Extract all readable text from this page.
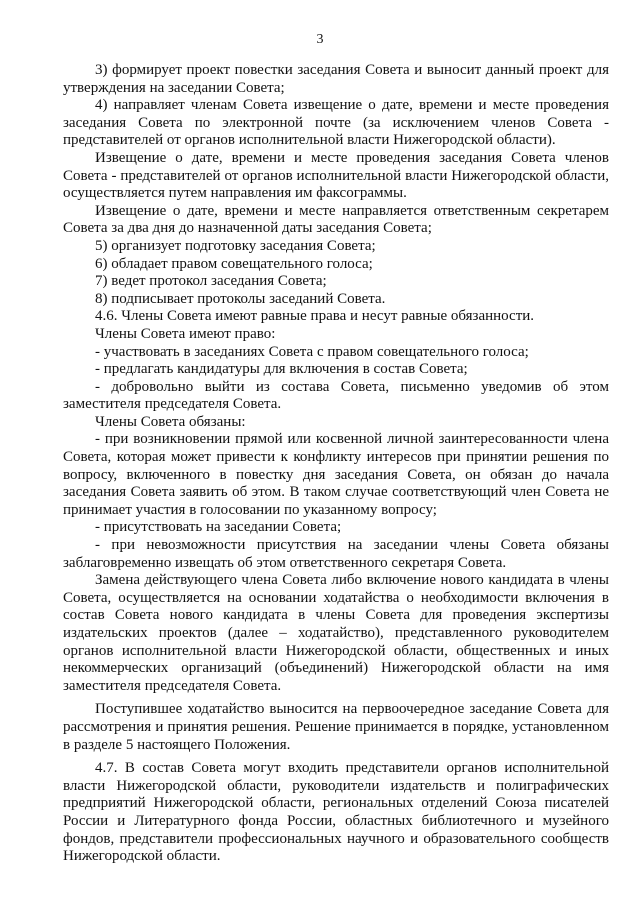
3

3) формирует проект повестки заседания Совета и выносит данный проект для утверждения на заседании Совета;

4) направляет членам Совета извещение о дате, времени и месте проведения заседания Совета по электронной почте (за исключением членов Совета - представителей от органов исполнительной власти Нижегородской области).

Извещение о дате, времени и месте проведения заседания Совета членов Совета - представителей от органов исполнительной власти Нижегородской области, осуществляется путем направления им факсограммы.

Извещение о дате, времени и месте направляется ответственным секретарем Совета за два дня до назначенной даты заседания Совета;

5) организует подготовку заседания Совета;

6) обладает правом совещательного голоса;

7) ведет протокол заседания Совета;

8) подписывает протоколы заседаний Совета.

4.6. Члены Совета имеют равные права и несут равные обязанности.

Члены Совета имеют право:

- участвовать в заседаниях Совета с правом совещательного голоса;

- предлагать кандидатуры для включения в состав Совета;

- добровольно выйти из состава Совета, письменно уведомив об этом заместителя председателя Совета.

Члены Совета обязаны:

- при возникновении прямой или косвенной личной заинтересованности члена Совета, которая может привести к конфликту интересов при принятии решения по вопросу, включенного в повестку дня заседания Совета, он обязан до начала заседания Совета заявить об этом. В таком случае соответствующий член Совета не принимает участия в голосовании по указанному вопросу;

- присутствовать на заседании Совета;

- при невозможности присутствия на заседании члены Совета обязаны заблаговременно извещать об этом ответственного секретаря Совета.

Замена действующего члена Совета либо включение нового кандидата в члены Совета, осуществляется на основании ходатайства о необходимости включения в состав Совета нового кандидата в члены Совета для проведения экспертизы издательских проектов (далее – ходатайство), представленного руководителем органов исполнительной власти Нижегородской области, общественных и иных некоммерческих организаций (объединений) Нижегородской области на имя заместителя председателя Совета.

Поступившее ходатайство выносится на первоочередное заседание Совета для рассмотрения и принятия решения. Решение принимается в порядке, установленном в разделе 5 настоящего Положения.

4.7. В состав Совета могут входить представители органов исполнительной власти Нижегородской области, руководители издательств и полиграфических предприятий Нижегородской области, региональных отделений Союза писателей России и Литературного фонда России, областных библиотечного и музейного фондов, представители профессиональных научного и образовательного сообществ Нижегородской области.
